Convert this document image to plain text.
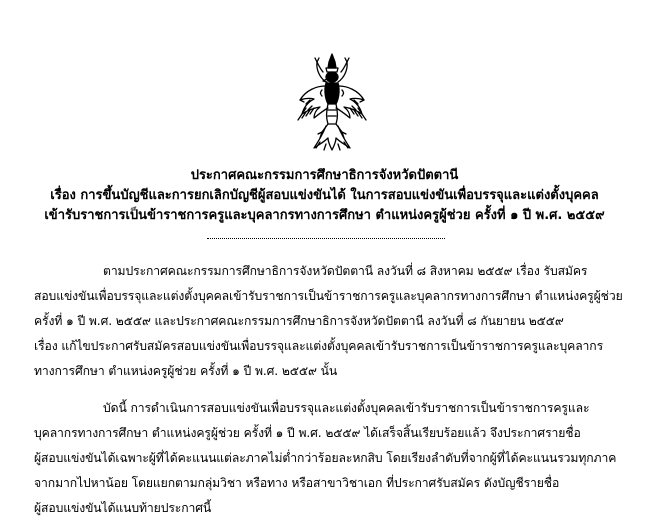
ประกาศคณะกรรมการศึกษาธิการจังหวัดปัตตานี
เรื่อง การขึ้นบัญชีและการยกเลิกบัญชีผู้สอบแข่งขันได้ ในการสอบแข่งขันเพื่อบรรจุและแต่งตั้งบุคคล
เข้ารับราชการเป็นข้าราชการครูและบุคลากรทางการศึกษา ตำแหน่งครูผู้ช่วย ครั้งที่ ๑ ปี พ.ศ. ๒๕๕๙
ตามประกาศคณะกรรมการศึกษาธิการจังหวัดปัตตานี ลงวันที่ ๘ สิงหาคม ๒๕๕๙ เรื่อง รับสมัคร
สอบแข่งขันเพื่อบรรจุและแต่งตั้งบุคคลเข้ารับราชการเป็นข้าราชการครูและบุคลากรทางการศึกษา ตำแหน่งครูผู้ช่วย
ครั้งที่ ๑ ปี พ.ศ. ๒๕๕๙ และประกาศคณะกรรมการศึกษาธิการจังหวัดปัตตานี ลงวันที่ ๘ กันยายน ๒๕๕๙
เรื่อง แก้ไขประกาศรับสมัครสอบแข่งขันเพื่อบรรจุและแต่งตั้งบุคคลเข้ารับราชการเป็นข้าราชการครูและบุคลากร
ทางการศึกษา ตำแหน่งครูผู้ช่วย ครั้งที่ ๑ ปี พ.ศ. ๒๕๕๙ นั้น
บัดนี้ การดำเนินการสอบแข่งขันเพื่อบรรจุและแต่งตั้งบุคคลเข้ารับราชการเป็นข้าราชการครูและ
บุคลากรทางการศึกษา ตำแหน่งครูผู้ช่วย ครั้งที่ ๑ ปี พ.ศ. ๒๕๕๙ ได้เสร็จสิ้นเรียบร้อยแล้ว จึงประกาศรายชื่อ
ผู้สอบแข่งขันได้เฉพาะผู้ที่ได้คะแนนแต่ละภาคไม่ต่ำกว่าร้อยละหกสิบ โดยเรียงลำดับที่จากผู้ที่ได้คะแนนรวมทุกภาค
จากมากไปหาน้อย โดยแยกตามกลุ่มวิชา หรือทาง หรือสาขาวิชาเอก ที่ประกาศรับสมัคร ดังบัญชีรายชื่อ
ผู้สอบแข่งขันได้แนบท้ายประกาศนี้
